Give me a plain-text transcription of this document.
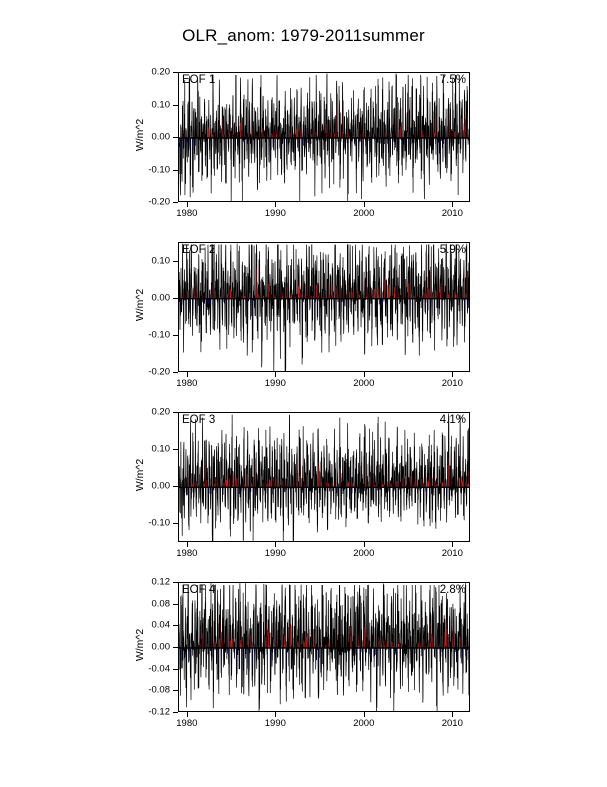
OLR_anom: 1979-2011summer
EOF 1	7.5%
-0.20
-0.10
0.00
0.10
0.20
1980	1990	2000	2010
W/m^2
EOF 2	5.9%
-0.20
-0.10
0.00
0.10
1980	1990	2000	2010
W/m^2
EOF 3	4.1%
-0.10
0.00
0.10
0.20
1980	1990	2000	2010
W/m^2
EOF 4	2.8%
-0.12
-0.08
-0.04
0.00
0.04
0.08
0.12
1980	1990	2000	2010
W/m^2
